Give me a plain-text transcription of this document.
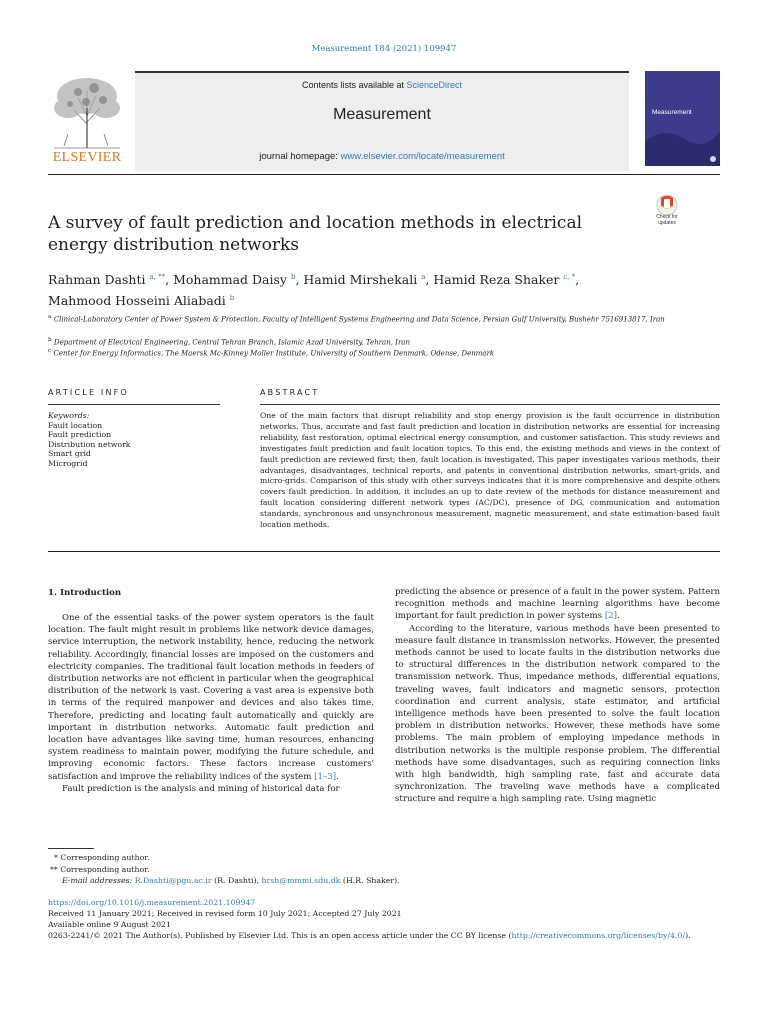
Measurement 184 (2021) 109947
ELSEVIER
Contents lists available at ScienceDirect
Measurement
journal homepage: www.elsevier.com/locate/measurement
Measurement
A survey of fault prediction and location methods in electrical energy distribution networks
Check for updates
Rahman Dashti $^{a, **}$, Mohammad Daisy $^b$, Hamid Mirshekali $^a$, Hamid Reza Shaker $^{c, *}$,
Mahmood Hosseini Aliabadi $^b$
$^a$ Clinical-Laboratory Center of Power System & Protection, Faculty of Intelligent Systems Engineering and Data Science, Persian Gulf University, Bushehr 7516913817, Iran
$^b$ Department of Electrical Engineering, Central Tehran Branch, Islamic Azad University, Tehran, Iran
$^c$ Center for Energy Informatics, The Maersk Mc-Kinney Moller Institute, University of Southern Denmark, Odense, Denmark
ARTICLE INFO	ABSTRACT
Keywords:
Fault location
Fault prediction
Distribution network
Smart grid
Microgrid
One of the main factors that disrupt reliability and stop energy provision is the fault occurrence in distribution networks. Thus, accurate and fast fault prediction and location in distribution networks are essential for increasing reliability, fast restoration, optimal electrical energy consumption, and customer satisfaction. This study reviews and investigates fault prediction and fault location topics. To this end, the existing methods and views in the context of fault prediction are reviewed first; then, fault location is investigated. This paper investigates various methods, their advantages, disadvantages, technical reports, and patents in conventional distribution networks, smart-grids, and micro-grids. Comparison of this study with other surveys indicates that it is more comprehensive and despite others covers fault prediction. In addition, it includes an up to date review of the methods for distance measurement and fault location considering different network types (AC/DC), presence of DG, communication and automation standards, synchronous and unsynchronous measurement, magnetic measurement, and state estimation-based fault location methods.
1. Introduction

One of the essential tasks of the power system operators is the fault location. The fault might result in problems like network device damages, service interruption, the network instability, hence, reducing the network reliability. Accordingly, financial losses are imposed on the customers and electricity companies. The traditional fault location methods in feeders of distribution networks are not efficient in particular when the geographical distribution of the network is vast. Covering a vast area is expensive both in terms of the required manpower and devices and also takes time. Therefore, predicting and locating fault automatically and quickly are important in distribution networks. Automatic fault prediction and location have advantages like saving time, human resources, enhancing system readiness to maintain power, modifying the future schedule, and improving economic factors. These factors increase customers' satisfaction and improve the reliability indices of the system [1–3].

Fault prediction is the analysis and mining of historical data for

predicting the absence or presence of a fault in the power system. Pattern recognition methods and machine learning algorithms have become important for fault prediction in power systems [2].

According to the literature, various methods have been presented to measure fault distance in transmission networks. However, the presented methods cannot be used to locate faults in the distribution networks due to structural differences in the distribution network compared to the transmission network. Thus, impedance methods, differential equations, traveling waves, fault indicators and magnetic sensors, protection coordination and current analysis, state estimator, and artificial intelligence methods have been presented to solve the fault location problem in distribution networks. However, these methods have some problems. The main problem of employing impedance methods in distribution networks is the multiple response problem. The differential methods have some disadvantages, such as requiring connection links with high bandwidth, high sampling rate, fast and accurate data synchronization. The traveling wave methods have a complicated structure and require a high sampling rate. Using magnetic

* Corresponding author.
** Corresponding author.
E-mail addresses: R.Dashti@pgu.ac.ir (R. Dashti), hrsh@mmmi.sdu.dk (H.R. Shaker).
https://doi.org/10.1016/j.measurement.2021.109947
Received 11 January 2021; Received in revised form 10 July 2021; Accepted 27 July 2021
Available online 9 August 2021
0263-2241/© 2021 The Author(s). Published by Elsevier Ltd. This is an open access article under the CC BY license (http://creativecommons.org/licenses/by/4.0/).
